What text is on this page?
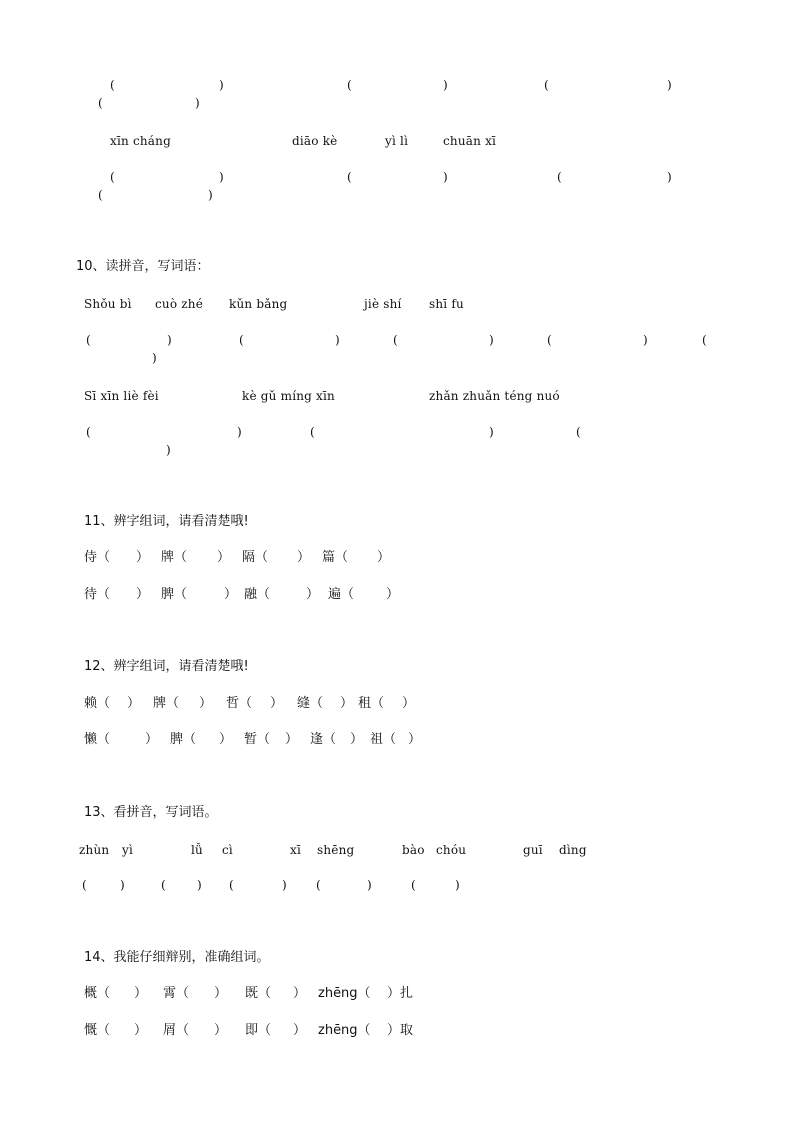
(	)	(	)	(	)
(	)
xīn cháng	diāo kè	yì lì	chuān xī
(	)	(	)	(	)
(	)
10、读拼音，写词语：
Shǒu bì cuò zhé kǔn bǎng	jiè shí shī fu
(	)	(	)	(	)	(	)	(
)
Sī xīn liè fèi	kè gǔ míng xīn	zhǎn zhuǎn téng nuó
(	)	(	)	(
)
11、辨字组词，请看清楚哦!
侍（ ） 牌（ ） 隔（ ） 篇（ ）
待（ ） 脾（	） 融（	） 遍（ ）
12、辨字组词，请看清楚哦!
赖（ ） 牌（ ） 哲（ ） 缝（ ） 租（ ）
懒（	） 脾（ ） 暂（ ） 逢（ ） 祖（ ）
13、看拼音，写词语。
zhùn yì	lǚ cì	xī shēng	bào chóu	guī dìng
(	)	(	) (	) (	)	(	)
14、我能仔细辩别，准确组词。
概（ ） 霄（ ） 既（ ） zhēng（ ）扎
慨（ ） 屑（ ） 即（ ） zhēng（ ）取
